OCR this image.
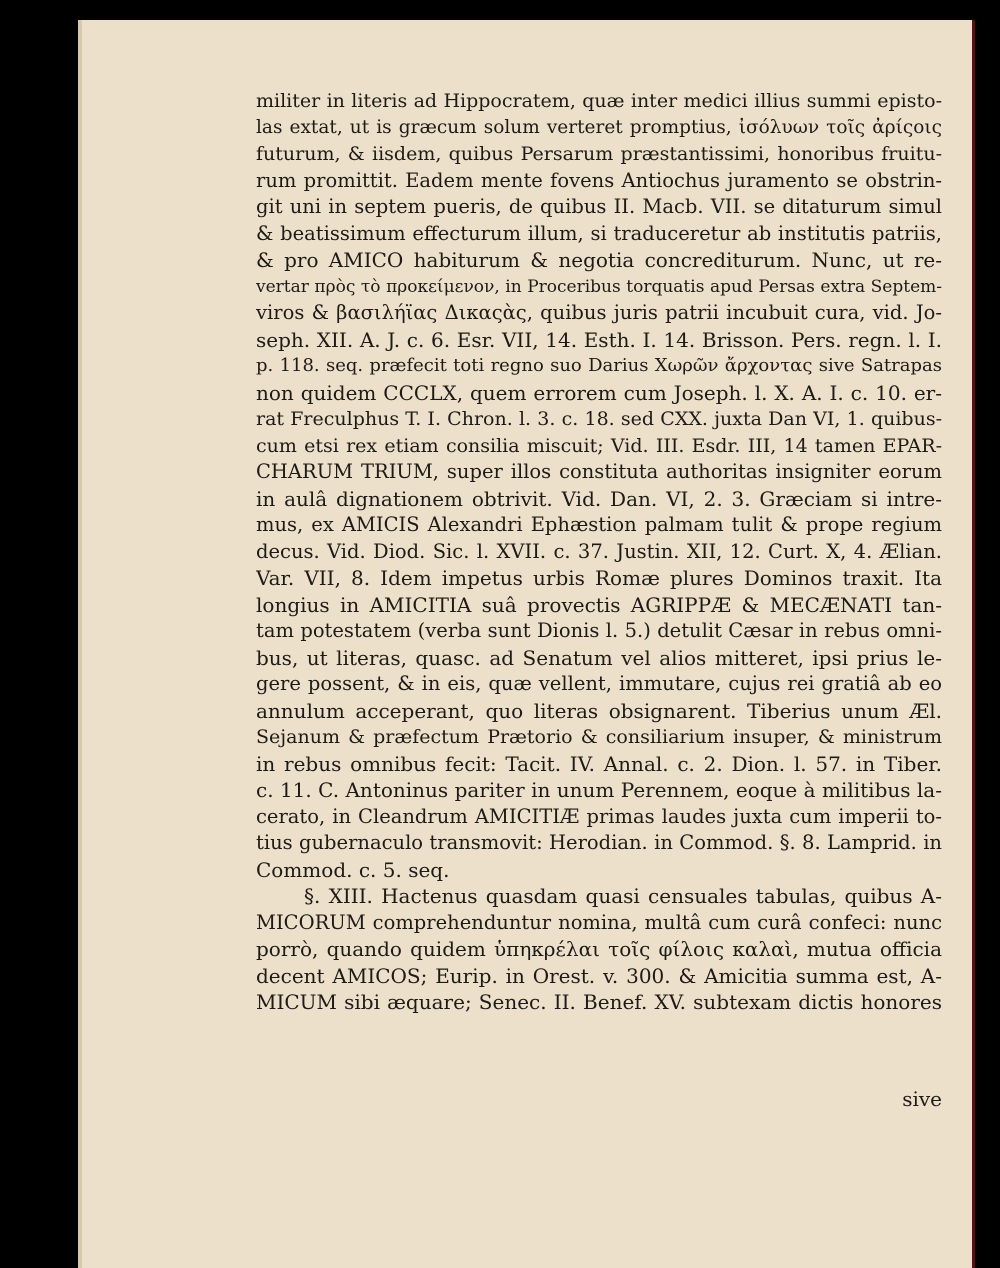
militer in literis ad Hippocratem, quæ inter medici illius summi episto-
las extat, ut is græcum solum verteret promptius, ἰσόλυων τοῖς ἀρίςοις
futurum, & iisdem, quibus Persarum præstantissimi, honoribus fruitu-
rum promittit. Eadem mente fovens Antiochus juramento se obstrin-
git uni in septem pueris, de quibus II. Macb. VII. se ditaturum simul
& beatissimum effecturum illum, si traduceretur ab institutis patriis,
& pro AMICO habiturum & negotia concrediturum. Nunc, ut re-
vertar πρὸς τὸ προκείμενον, in Proceribus torquatis apud Persas extra Septem-
viros & βασιλήϊας Δικαςὰς, quibus juris patrii incubuit cura, vid. Jo-
seph. XII. A. J. c. 6. Esr. VII, 14. Esth. I. 14. Brisson. Pers. regn. l. I.
p. 118. seq. præfecit toti regno suo Darius Χωρῶν ἄρχοντας sive Satrapas
non quidem CCCLX, quem errorem cum Joseph. l. X. A. I. c. 10. er-
rat Freculphus T. I. Chron. l. 3. c. 18. sed CXX. juxta Dan VI, 1. quibus-
cum etsi rex etiam consilia miscuit; Vid. III. Esdr. III, 14 tamen EPAR-
CHARUM TRIUM, super illos constituta authoritas insigniter eorum
in aulâ dignationem obtrivit. Vid. Dan. VI, 2. 3. Græciam si intre-
mus, ex AMICIS Alexandri Ephæstion palmam tulit & prope regium
decus. Vid. Diod. Sic. l. XVII. c. 37. Justin. XII, 12. Curt. X, 4. Ælian.
Var. VII, 8. Idem impetus urbis Romæ plures Dominos traxit. Ita
longius in AMICITIA suâ provectis AGRIPPÆ & MECÆNATI tan-
tam potestatem (verba sunt Dionis l. 5.) detulit Cæsar in rebus omni-
bus, ut literas, quasc. ad Senatum vel alios mitteret, ipsi prius le-
gere possent, & in eis, quæ vellent, immutare, cujus rei gratiâ ab eo
annulum acceperant, quo literas obsignarent. Tiberius unum Æl.
Sejanum & præfectum Prætorio & consiliarium insuper, & ministrum
in rebus omnibus fecit: Tacit. IV. Annal. c. 2. Dion. l. 57. in Tiber.
c. 11. C. Antoninus pariter in unum Perennem, eoque à militibus la-
cerato, in Cleandrum AMICITIÆ primas laudes juxta cum imperii to-
tius gubernaculo transmovit: Herodian. in Commod. §. 8. Lamprid. in
Commod. c. 5. seq.
§. XIII. Hactenus quasdam quasi censuales tabulas, quibus A-
MICORUM comprehenduntur nomina, multâ cum curâ confeci: nunc
porrò, quando quidem ὑπηκρέλαι τοῖς φίλοις καλαὶ, mutua officia
decent AMICOS; Eurip. in Orest. v. 300. & Amicitia summa est, A-
MICUM sibi æquare; Senec. II. Benef. XV. subtexam dictis honores
sive
